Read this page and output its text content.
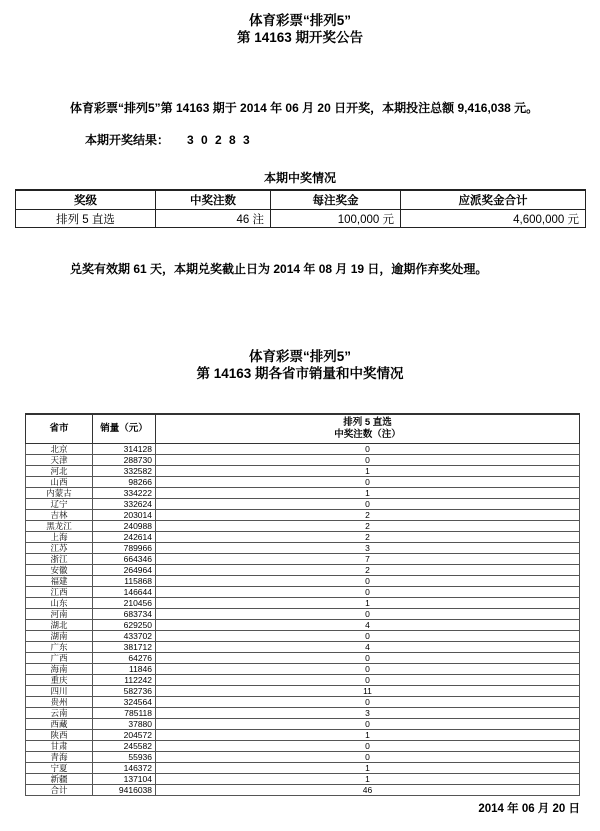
体育彩票“排列5”
第 14163 期开奖公告
体育彩票“排列5”第 14163 期于 2014 年 06 月 20 日开奖，本期投注总额 9,416,038 元。
本期开奖结果： 3 0 2 8 3
本期中奖情况
奖级	中奖注数	每注奖金	应派奖金合计
排列 5 直选	46 注	100,000 元	4,600,000 元
兑奖有效期 61 天，本期兑奖截止日为 2014 年 08 月 19 日，逾期作弃奖处理。
体育彩票“排列5”
第 14163 期各省市销量和中奖情况
省市	销量（元）	排列 5 直选
中奖注数（注）

北京	314128	0
天津	288730	0
河北	332582	1
山西	98266	0
内蒙古	334222	1
辽宁	332624	0
吉林	203014	2
黑龙江	240988	2
上海	242614	2
江苏	789966	3
浙江	664346	7
安徽	264964	2
福建	115868	0
江西	146644	0
山东	210456	1
河南	683734	0
湖北	629250	4
湖南	433702	0
广东	381712	4
广西	64276	0
海南	11846	0
重庆	112242	0
四川	582736	11
贵州	324564	0
云南	785118	3
西藏	37880	0
陕西	204572	1
甘肃	245582	0
青海	55936	0
宁夏	146372	1
新疆	137104	1
合计	9416038	46
2014 年 06 月 20 日
